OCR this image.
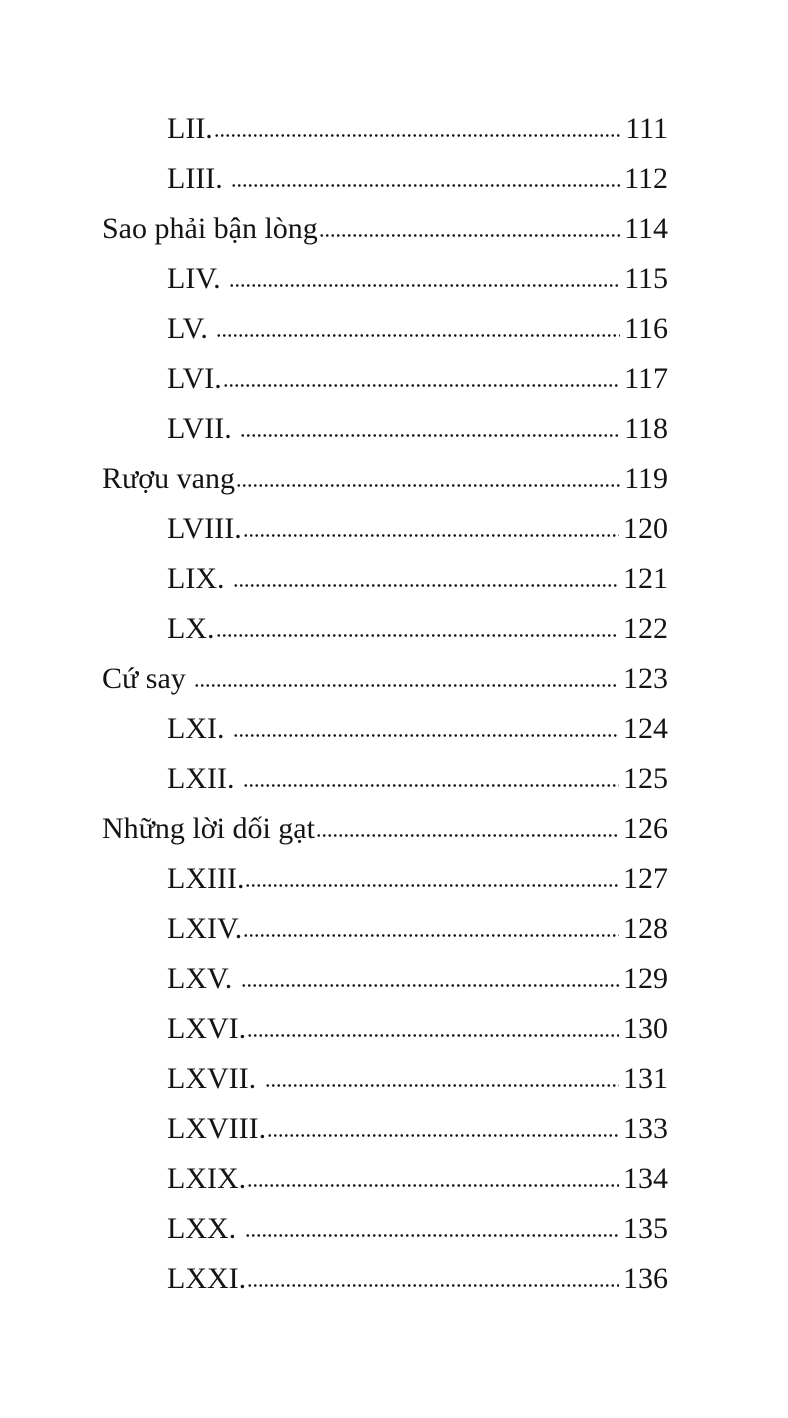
LII.	111
LIII.	112
Sao phải bận lòng	114
LIV.	115
LV.	116
LVI.	117
LVII.	118
Rượu vang	119
LVIII.	120
LIX.	121
LX.	122
Cứ say	123
LXI.	124
LXII.	125
Những lời dối gạt	126
LXIII.	127
LXIV.	128
LXV.	129
LXVI.	130
LXVII.	131
LXVIII.	133
LXIX.	134
LXX.	135
LXXI.	136
